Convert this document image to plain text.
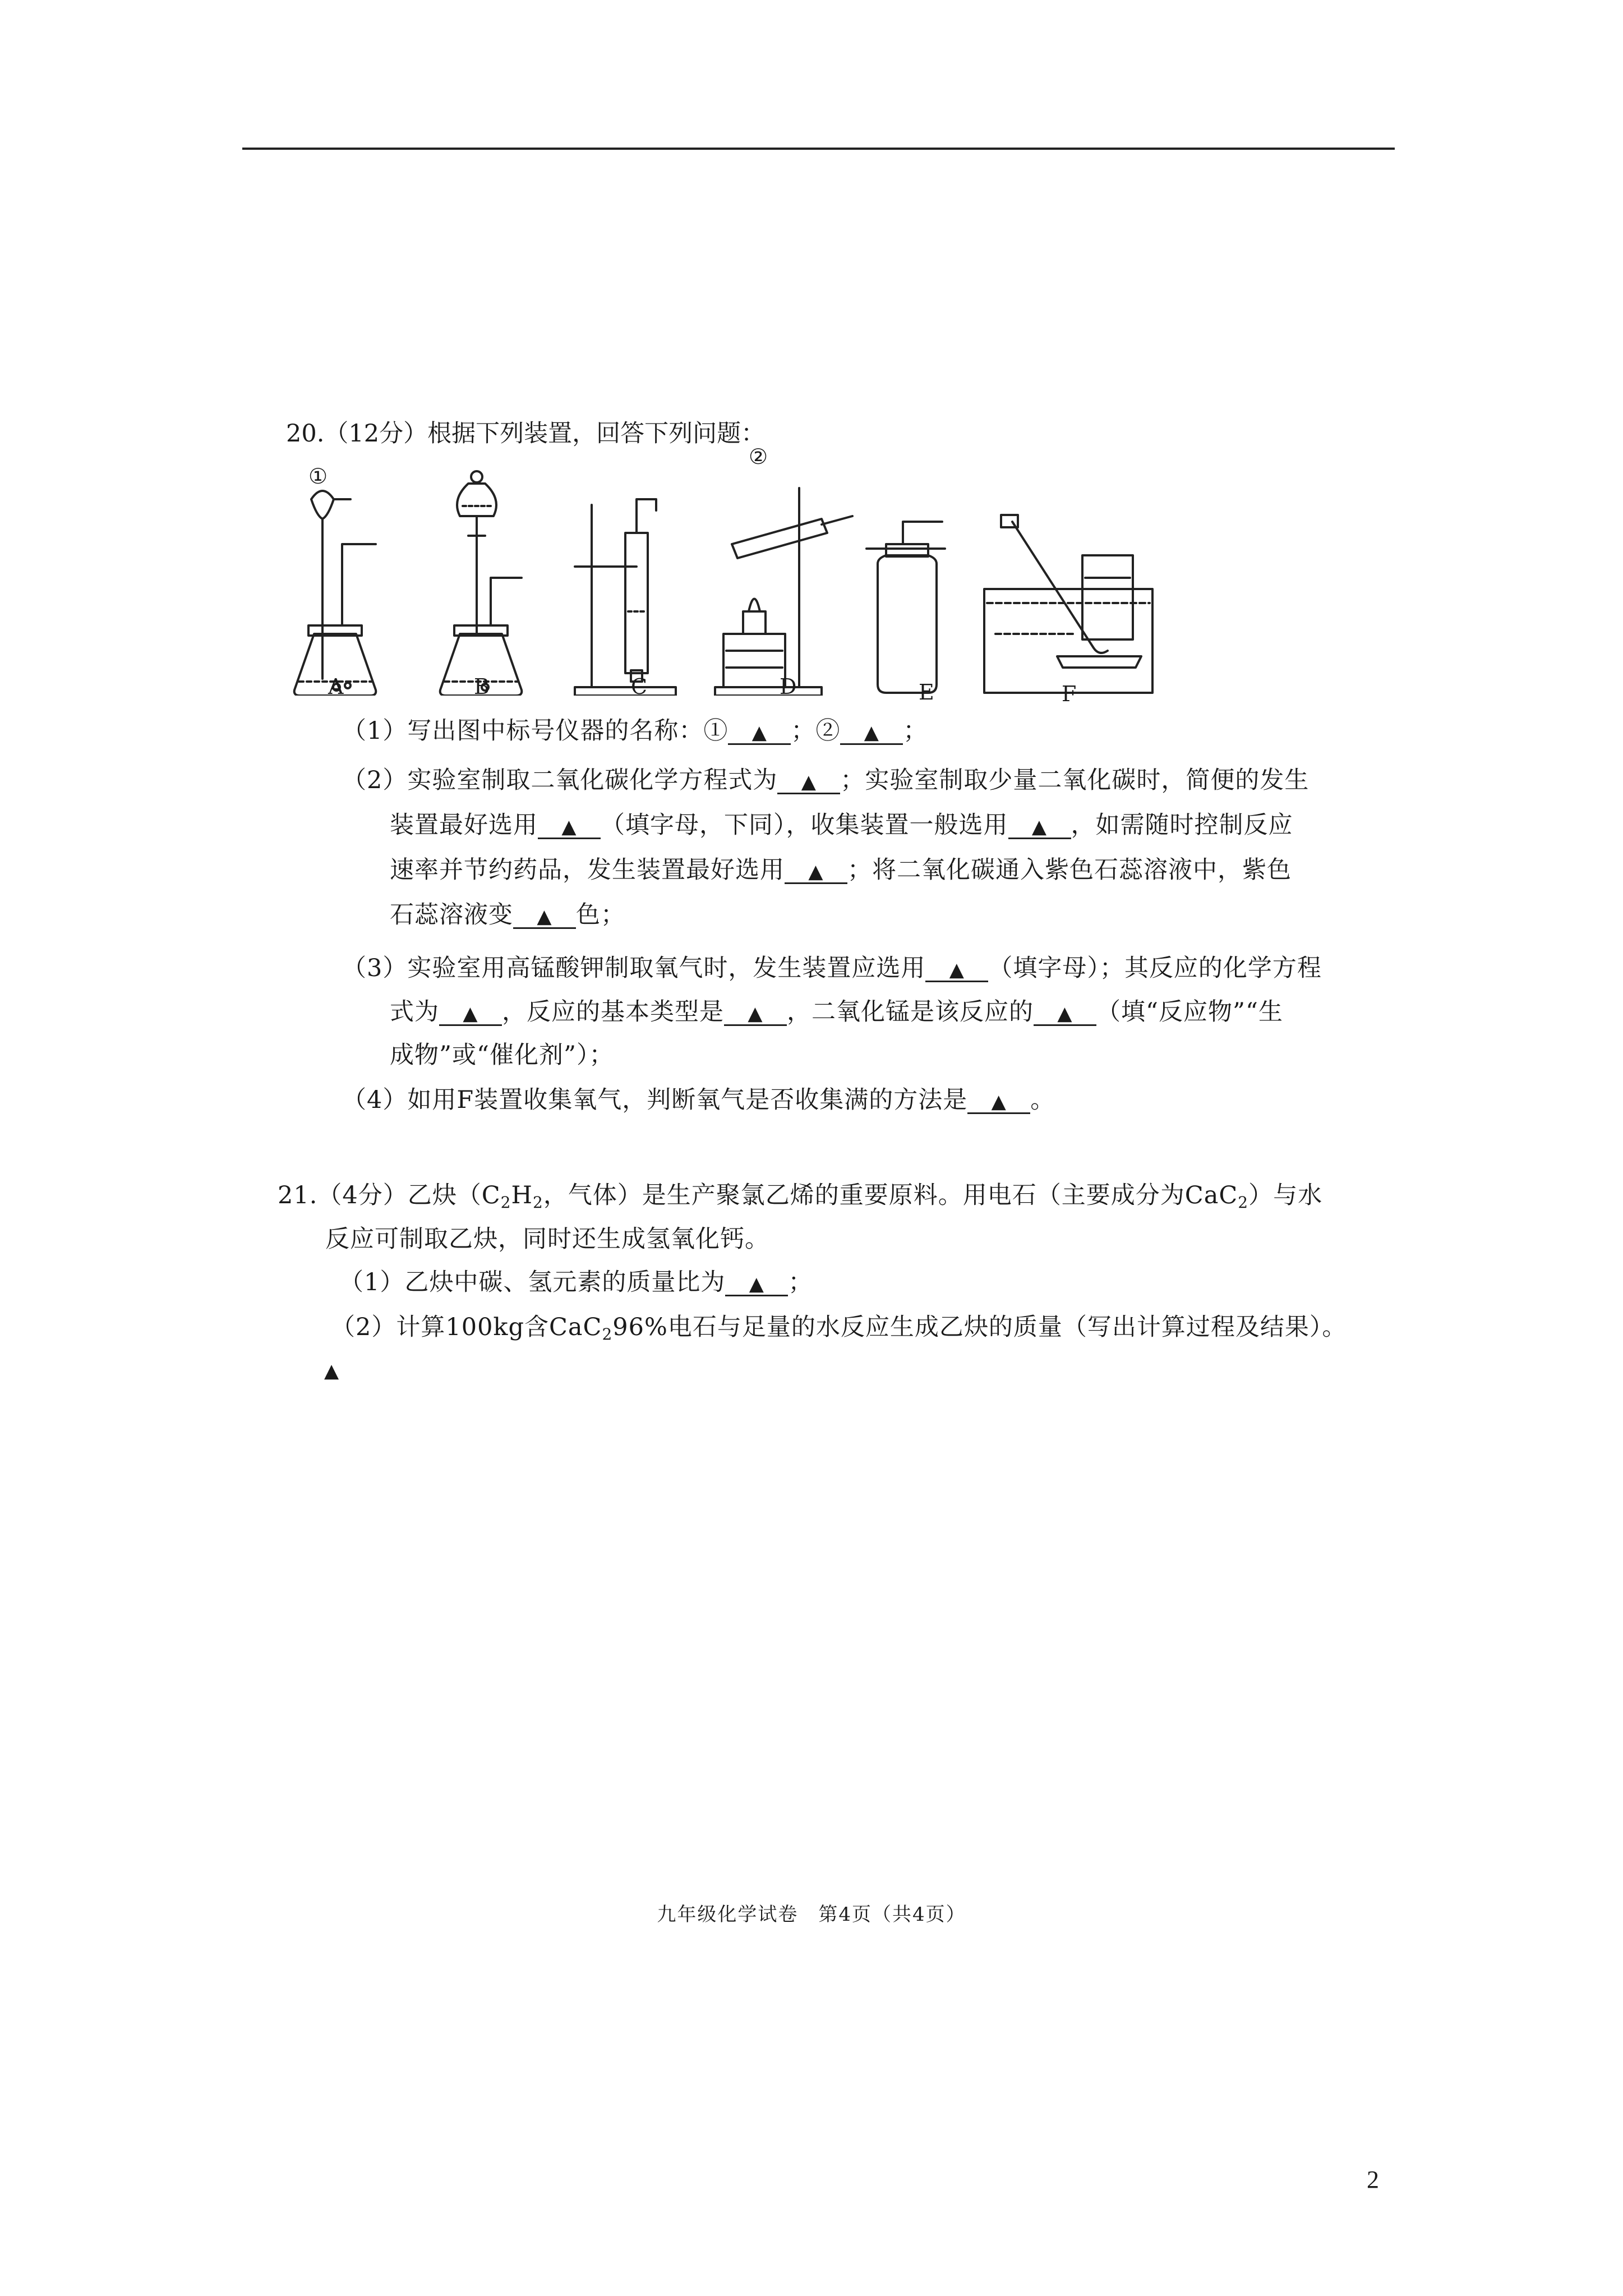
20.（12分）根据下列装置，回答下列问题：
①
②
A	B	C	D	E	F
（1）写出图中标号仪器的名称：① ▲ ；② ▲ ；
（2）实验室制取二氧化碳化学方程式为 ▲ ；实验室制取少量二氧化碳时，简便的发生
装置最好选用 ▲ （填字母，下同），收集装置一般选用 ▲ ，如需随时控制反应
速率并节约药品，发生装置最好选用 ▲ ；将二氧化碳通入紫色石蕊溶液中，紫色
石蕊溶液变 ▲ 色；
（3）实验室用高锰酸钾制取氧气时，发生装置应选用 ▲ （填字母）；其反应的化学方程
式为 ▲ ，反应的基本类型是 ▲ ，二氧化锰是该反应的 ▲ （填“反应物”“生
成物”或“催化剂”）；
（4）如用F装置收集氧气，判断氧气是否收集满的方法是 ▲ 。
21.（4分）乙炔（$C_2H_2$，气体）是生产聚氯乙烯的重要原料。用电石（主要成分为CaC$_2$）与水
反应可制取乙炔，同时还生成氢氧化钙。
（1）乙炔中碳、氢元素的质量比为 ▲ ；
（2）计算100kg含CaC$_2$96%电石与足量的水反应生成乙炔的质量（写出计算过程及结果）。
▲
九年级化学试卷　第4页（共4页）
2
